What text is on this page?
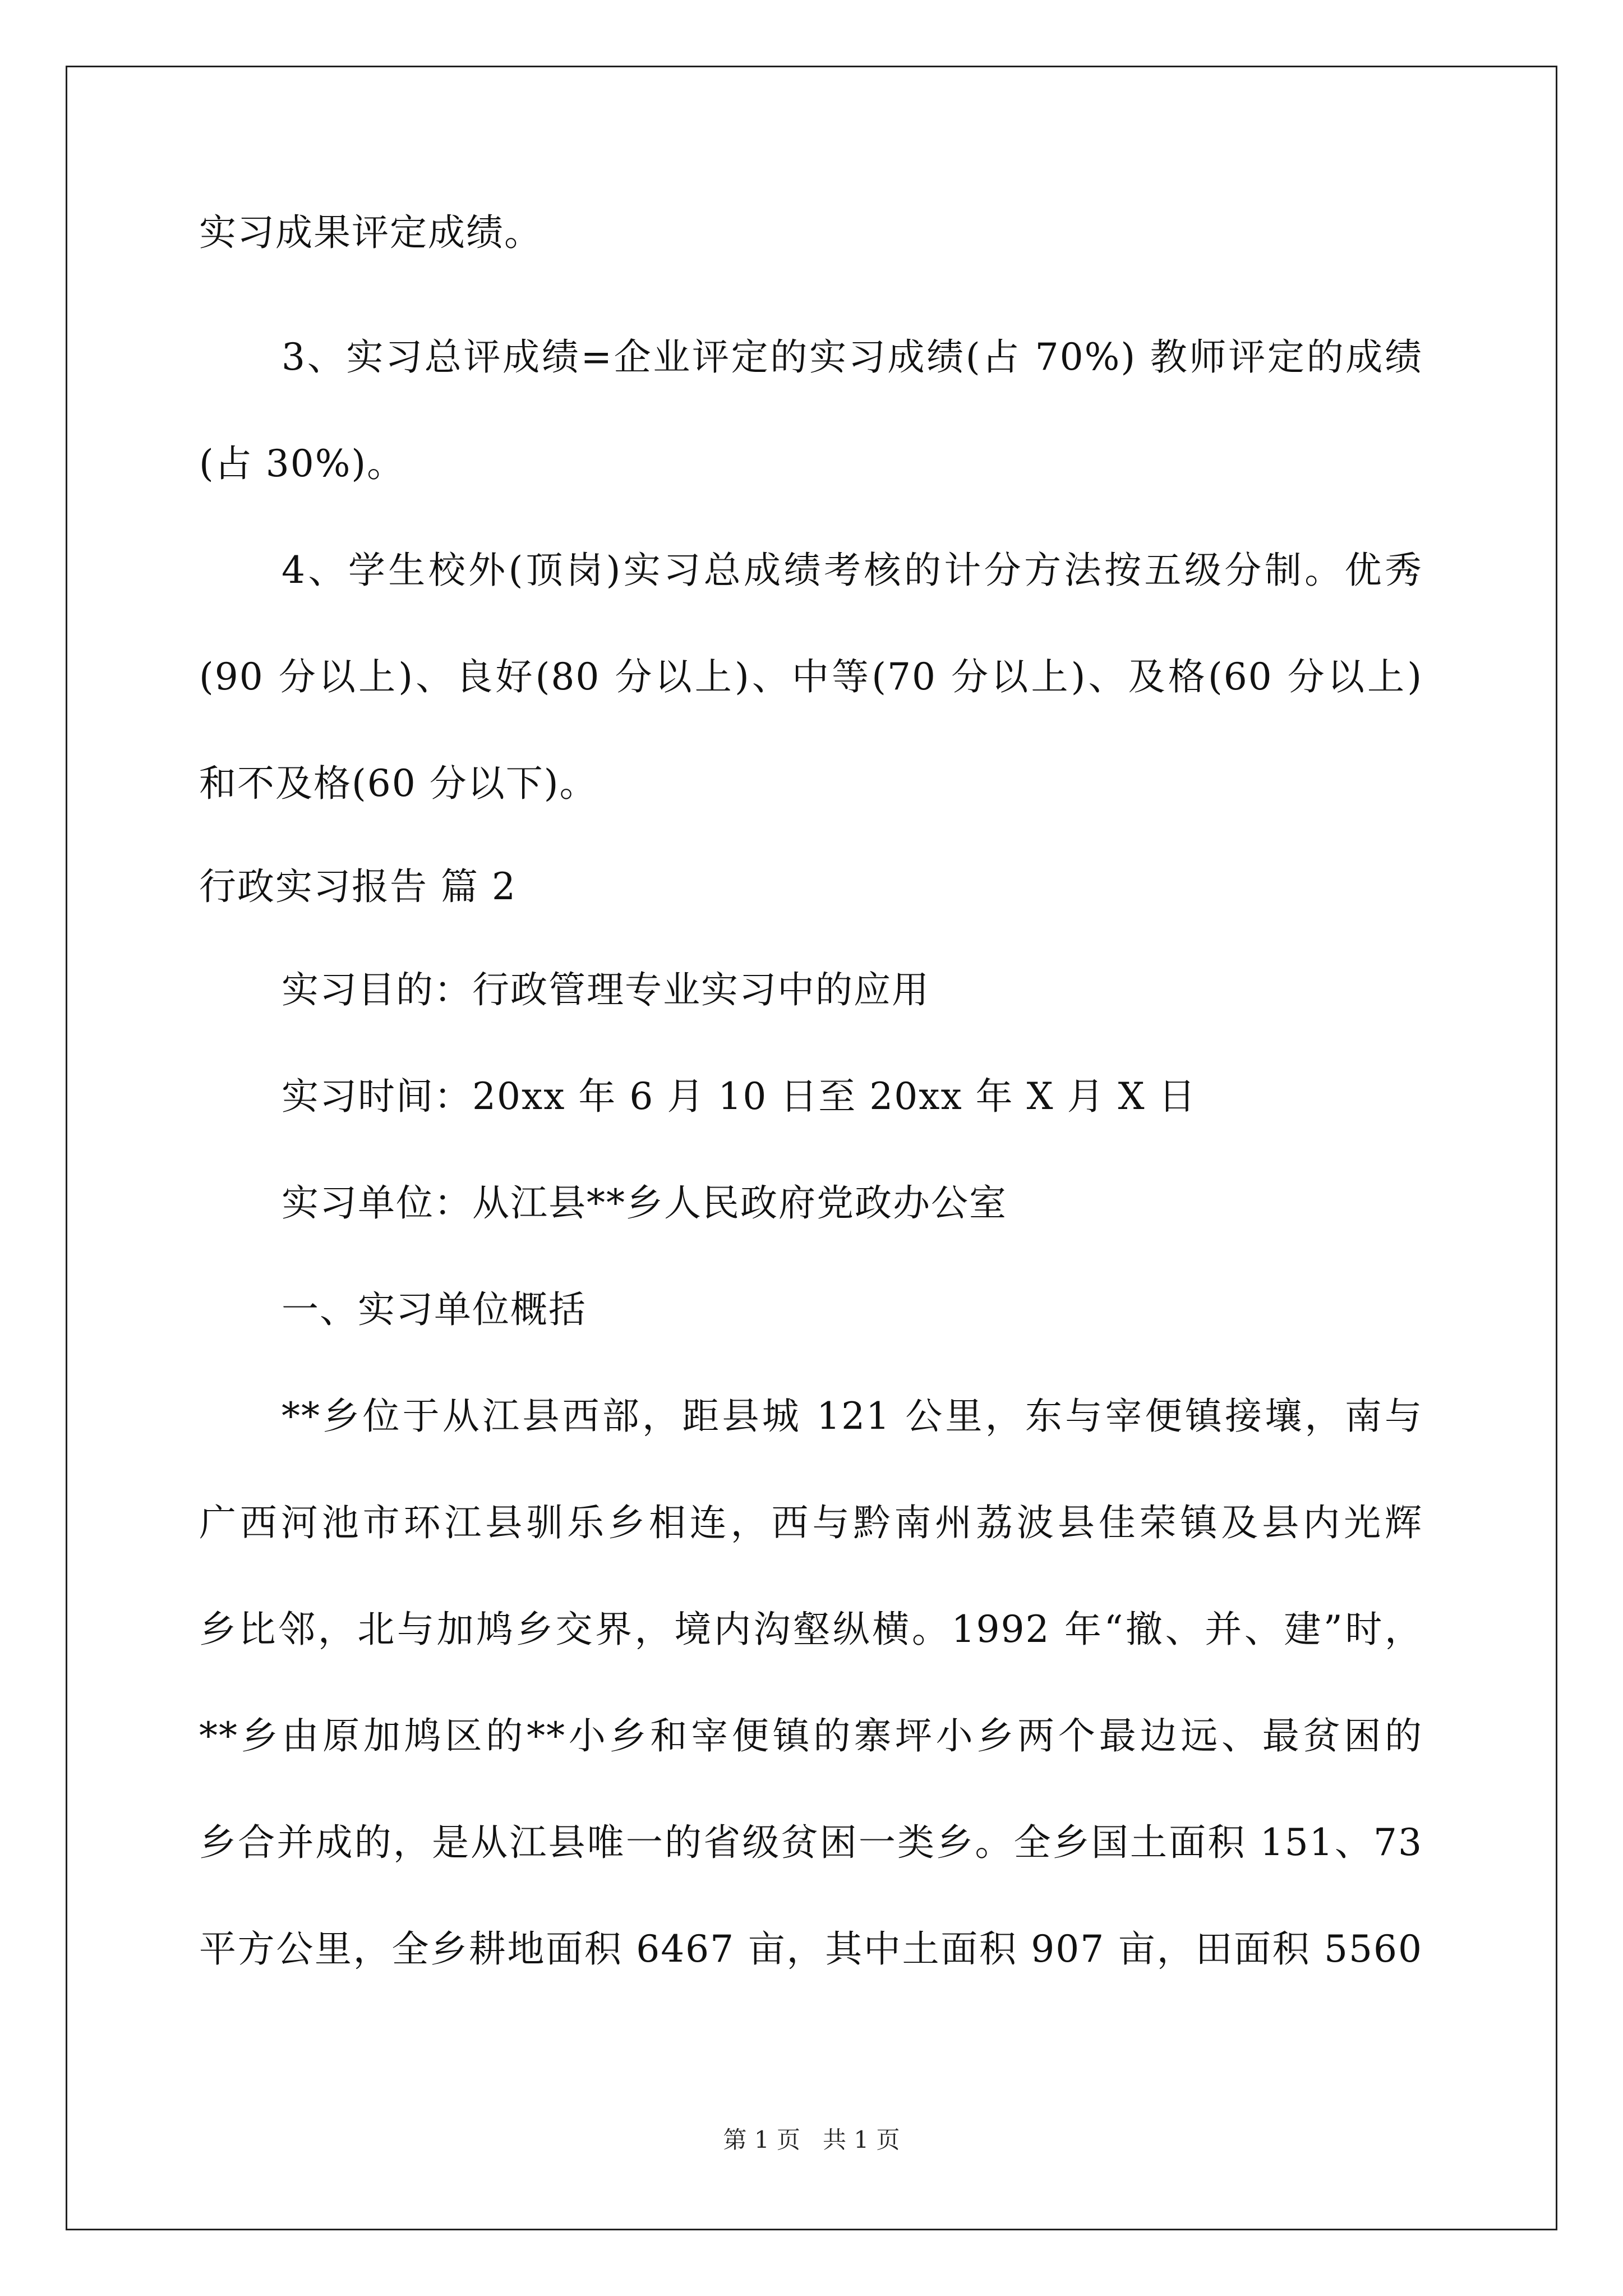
实习成果评定成绩。
3、实习总评成绩=企业评定的实习成绩(占 70%) 教师评定的成绩
(占 30%)。
4、学生校外(顶岗)实习总成绩考核的计分方法按五级分制。优秀
(90 分以上)、良好(80 分以上)、中等(70 分以上)、及格(60 分以上)
和不及格(60 分以下)。
行政实习报告 篇 2
实习目的：行政管理专业实习中的应用
实习时间：20xx 年 6 月 10 日至 20xx 年 X 月 X 日
实习单位：从江县**乡人民政府党政办公室
一、实习单位概括
**乡位于从江县西部，距县城 121 公里，东与宰便镇接壤，南与
广西河池市环江县驯乐乡相连，西与黔南州荔波县佳荣镇及县内光辉
乡比邻，北与加鸠乡交界，境内沟壑纵横。1992 年“撤、并、建”时，
**乡由原加鸠区的**小乡和宰便镇的寨坪小乡两个最边远、最贫困的
乡合并成的，是从江县唯一的省级贫困一类乡。全乡国土面积 151、73
平方公里，全乡耕地面积 6467 亩，其中土面积 907 亩，田面积 5560
第 1 页   共 1 页
